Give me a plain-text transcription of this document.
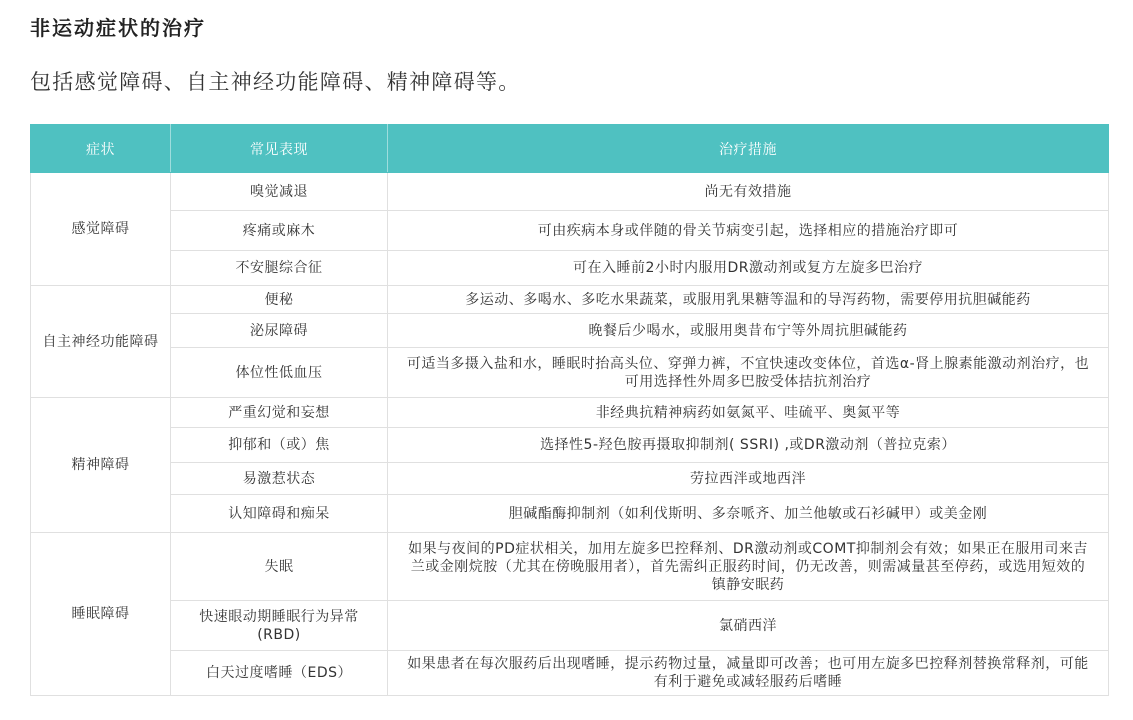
非运动症状的治疗

包括感觉障碍、自主神经功能障碍、精神障碍等。

症状	常见表现	治疗措施
感觉障碍	嗅觉减退	尚无有效措施
	疼痛或麻木	可由疾病本身或伴随的骨关节病变引起，选择相应的措施治疗即可
	不安腿综合征	可在入睡前2小时内服用DR激动剂或复方左旋多巴治疗
自主神经功能障碍	便秘	多运动、多喝水、多吃水果蔬菜，或服用乳果糖等温和的导泻药物，需要停用抗胆碱能药
	泌尿障碍	晚餐后少喝水，或服用奥昔布宁等外周抗胆碱能药
	体位性低血压	可适当多摄入盐和水，睡眠时抬高头位、穿弹力裤，不宜快速改变体位，首选α-肾上腺素能激动剂治疗，也可用选择性外周多巴胺受体拮抗剂治疗
精神障碍	严重幻觉和妄想	非经典抗精神病药如氨氮平、哇硫平、奥氮平等
	抑郁和（或）焦	选择性5-羟色胺再摄取抑制剂( SSRI) ,或DR激动剂（普拉克索）
	易激惹状态	劳拉西泮或地西泮
	认知障碍和痴呆	胆碱酯酶抑制剂（如利伐斯明、多奈哌齐、加兰他敏或石衫碱甲）或美金刚
睡眠障碍	失眠	如果与夜间的PD症状相关，加用左旋多巴控释剂、DR激动剂或COMT抑制剂会有效；如果正在服用司来吉兰或金刚烷胺（尤其在傍晚服用者），首先需纠正服药时间，仍无改善，则需减量甚至停药，或选用短效的镇静安眠药
	快速眼动期睡眠行为异常(RBD)	氯硝西洋
	白天过度嗜睡（EDS）	如果患者在每次服药后出现嗜睡，提示药物过量，减量即可改善；也可用左旋多巴控释剂替换常释剂，可能有利于避免或减轻服药后嗜睡
